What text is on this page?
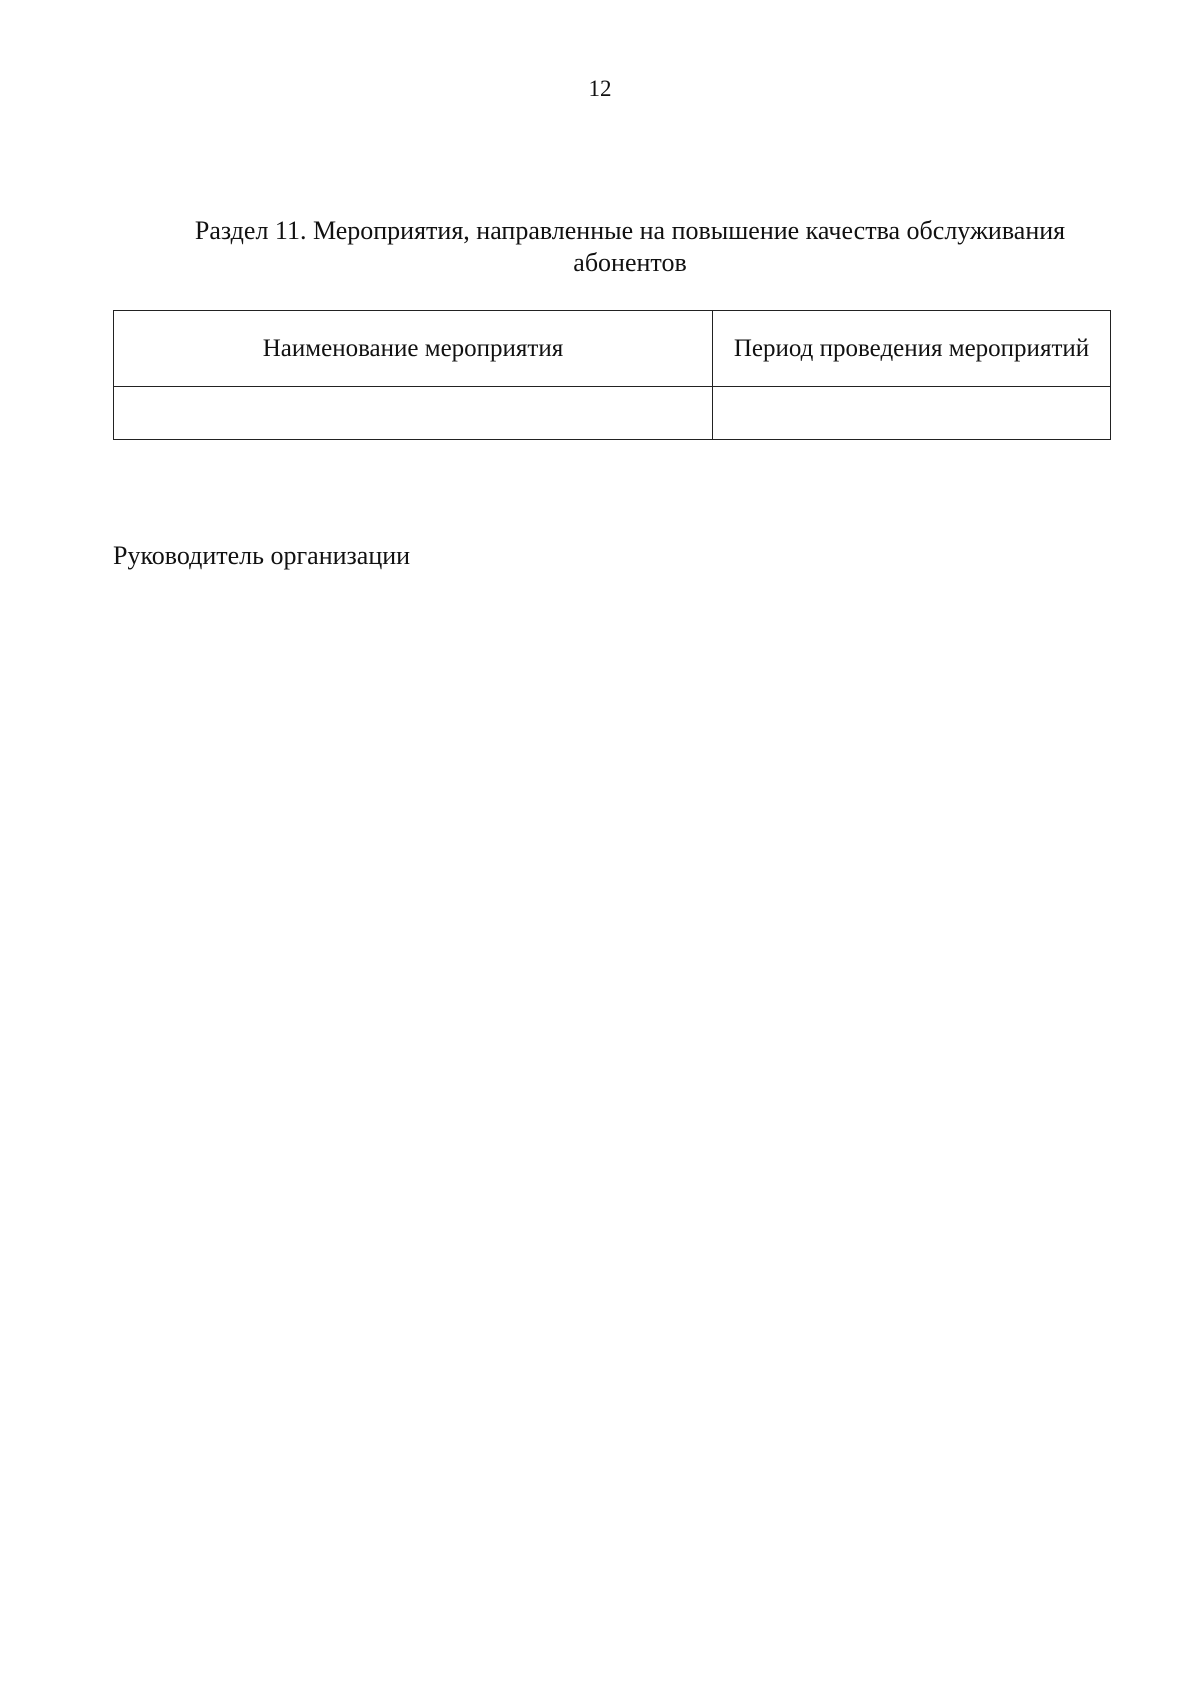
12
Раздел 11. Мероприятия, направленные на повышение качества обслуживания
абонентов
Наименование мероприятия	Период проведения мероприятий

Руководитель организации
